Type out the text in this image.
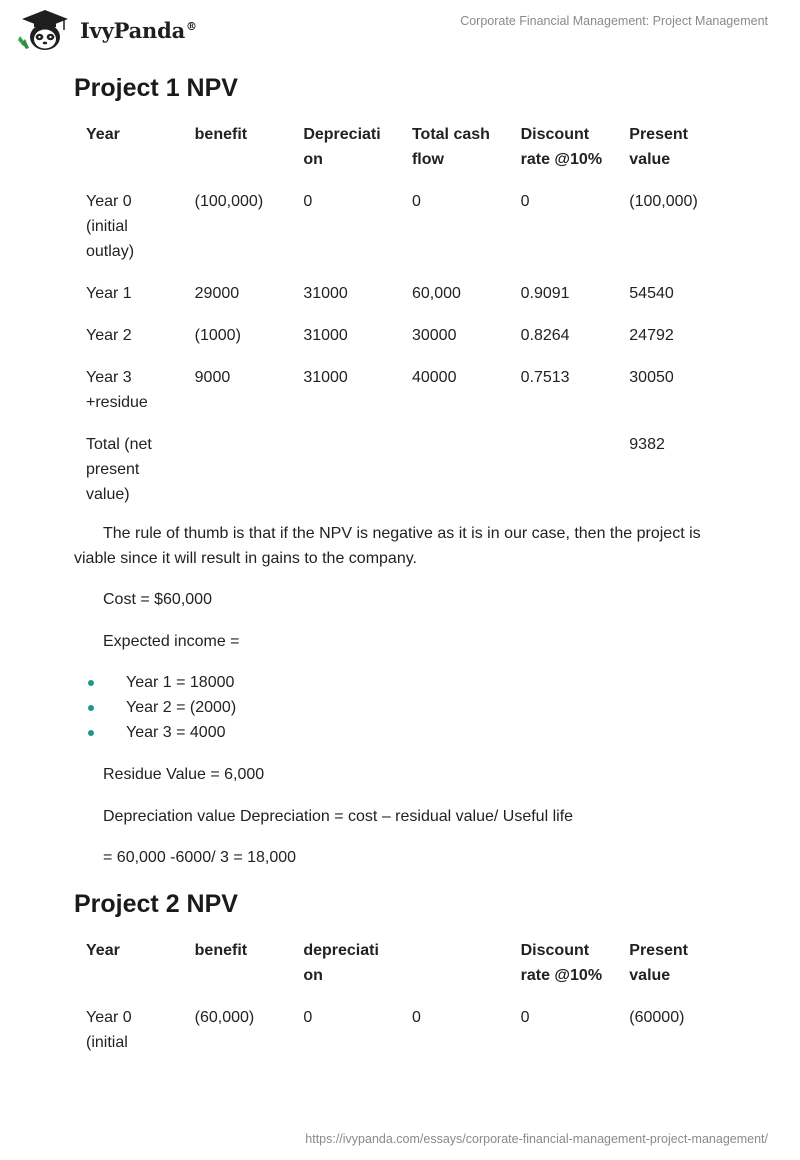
IvyPanda®	Corporate Financial Management: Project Management
Project 1 NPV
Year	benefit	Depreciati on	Total cash flow	Discount rate @10%	Present value
Year 0 (initial outlay)	(100,000)	0	0	0	(100,000)
Year 1	29000	31000	60,000	0.9091	54540
Year 2	(1000)	31000	30000	0.8264	24792
Year 3 +residue	9000	31000	40000	0.7513	30050
Total (net present value)					9382

The rule of thumb is that if the NPV is negative as it is in our case, then the project is viable since it will result in gains to the company.

Cost = $60,000

Expected income =

Year 1 = 18000
Year 2 = (2000)
Year 3 = 4000

Residue Value = 6,000

Depreciation value Depreciation = cost – residual value/ Useful life

= 60,000 -6000/ 3 = 18,000

Project 2 NPV
Year	benefit	depreciati on		Discount rate @10%	Present value
Year 0 (initial	(60,000)	0	0	0	(60000)
https://ivypanda.com/essays/corporate-financial-management-project-management/
